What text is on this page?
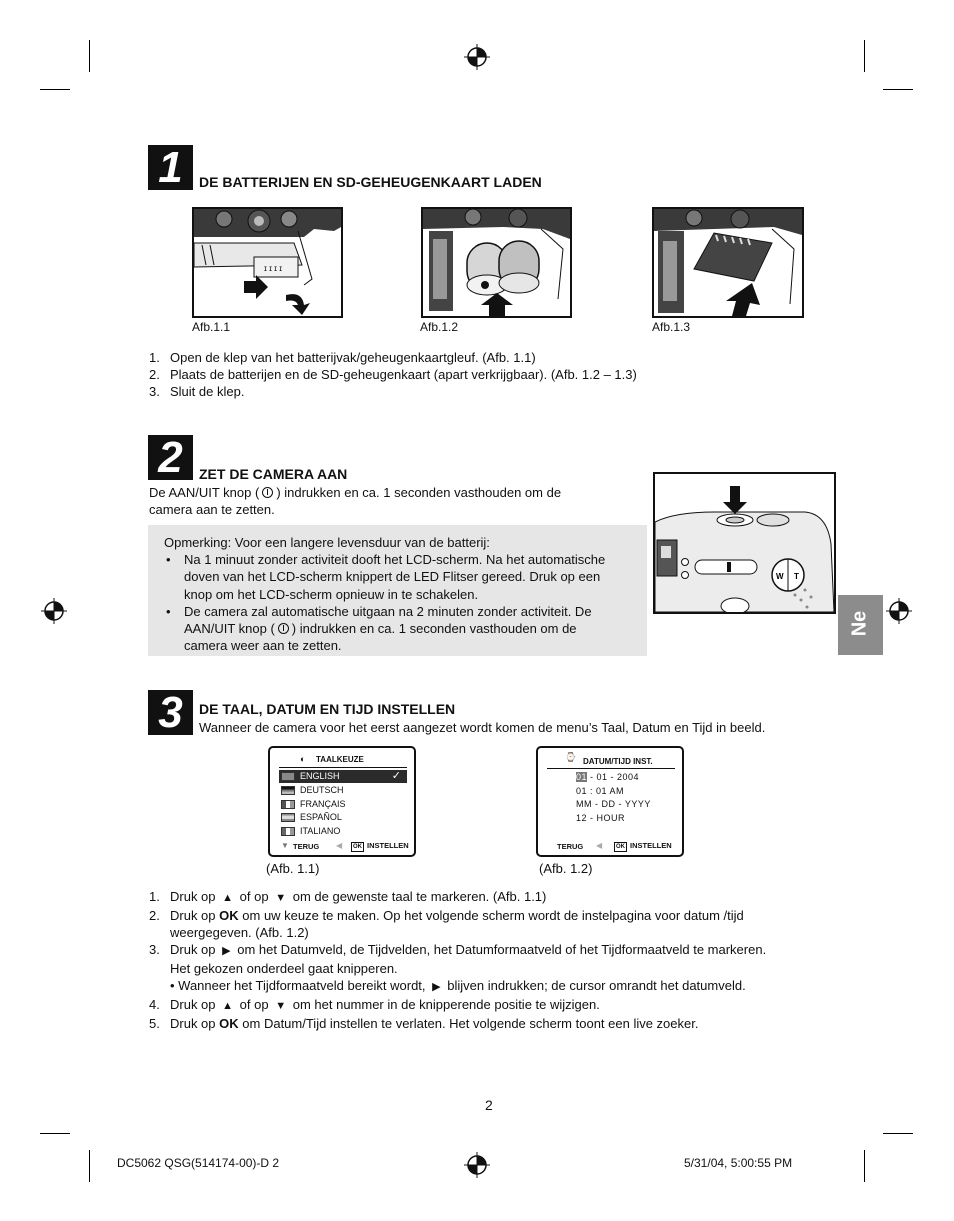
1	DE BATTERIJEN EN SD-GEHEUGENKAART LADEN
ɪ ɪ ɪ ɪ
Afb.1.1	Afb.1.2	Afb.1.3
1. Open de klep van het batterijvak/geheugenkaartgleuf. (Afb. 1.1)
2. Plaats de batterijen en de SD-geheugenkaart (apart verkrijgbaar). (Afb. 1.2 – 1.3)
3. Sluit de klep.
2	ZET DE CAMERA AAN
De AAN/UIT knop ( ) indrukken en ca. 1 seconden vasthouden om de
camera aan te zetten.

Opmerking: Voor een langere levensduur van de batterij:

• Na 1 minuut zonder activiteit dooft het LCD-scherm. Na het automatische
doven van het LCD-scherm knippert de LED Flitser gereed. Druk op een
knop om het LCD-scherm opnieuw in te schakelen.
• De camera zal automatische uitgaan na 2 minuten zonder activiteit. De
AAN/UIT knop ( ) indrukken en ca. 1 seconden vasthouden om de
camera weer aan te zetten.
W T
Ne
3	DE TAAL, DATUM EN TIJD INSTELLEN
Wanneer de camera voor het eerst aangezet wordt komen de menu’s Taal, Datum en Tijd in beeld.
◐ TAALKEUZE
ENGLISH	✓
DEUTSCH
FRANÇAIS
ESPAÑOL
ITALIANO
▼ TERUG ◀	OK INSTELLEN
(Afb. 1.1)
⌚ DATUM/TIJD INST.
01 - 01 - 2004
01 : 01 AM
MM - DD - YYYY
12 - HOUR
TERUG ◀	OK INSTELLEN
(Afb. 1.2)
1. Druk op ▲ of op ▼ om de gewenste taal te markeren. (Afb. 1.1)
2. Druk op OK om uw keuze te maken. Op het volgende scherm wordt de instelpagina voor datum /tijd
weergegeven. (Afb. 1.2)
3. Druk op ▶ om het Datumveld, de Tijdvelden, het Datumformaatveld of het Tijdformaatveld te markeren.
Het gekozen onderdeel gaat knipperen.
• Wanneer het Tijdformaatveld bereikt wordt, ▶ blijven indrukken; de cursor omrandt het datumveld.
4. Druk op ▲ of op ▼ om het nummer in de knipperende positie te wijzigen.
5. Druk op OK om Datum/Tijd instellen te verlaten. Het volgende scherm toont een live zoeker.
2
DC5062 QSG(514174-00)-D 2	5/31/04, 5:00:55 PM
